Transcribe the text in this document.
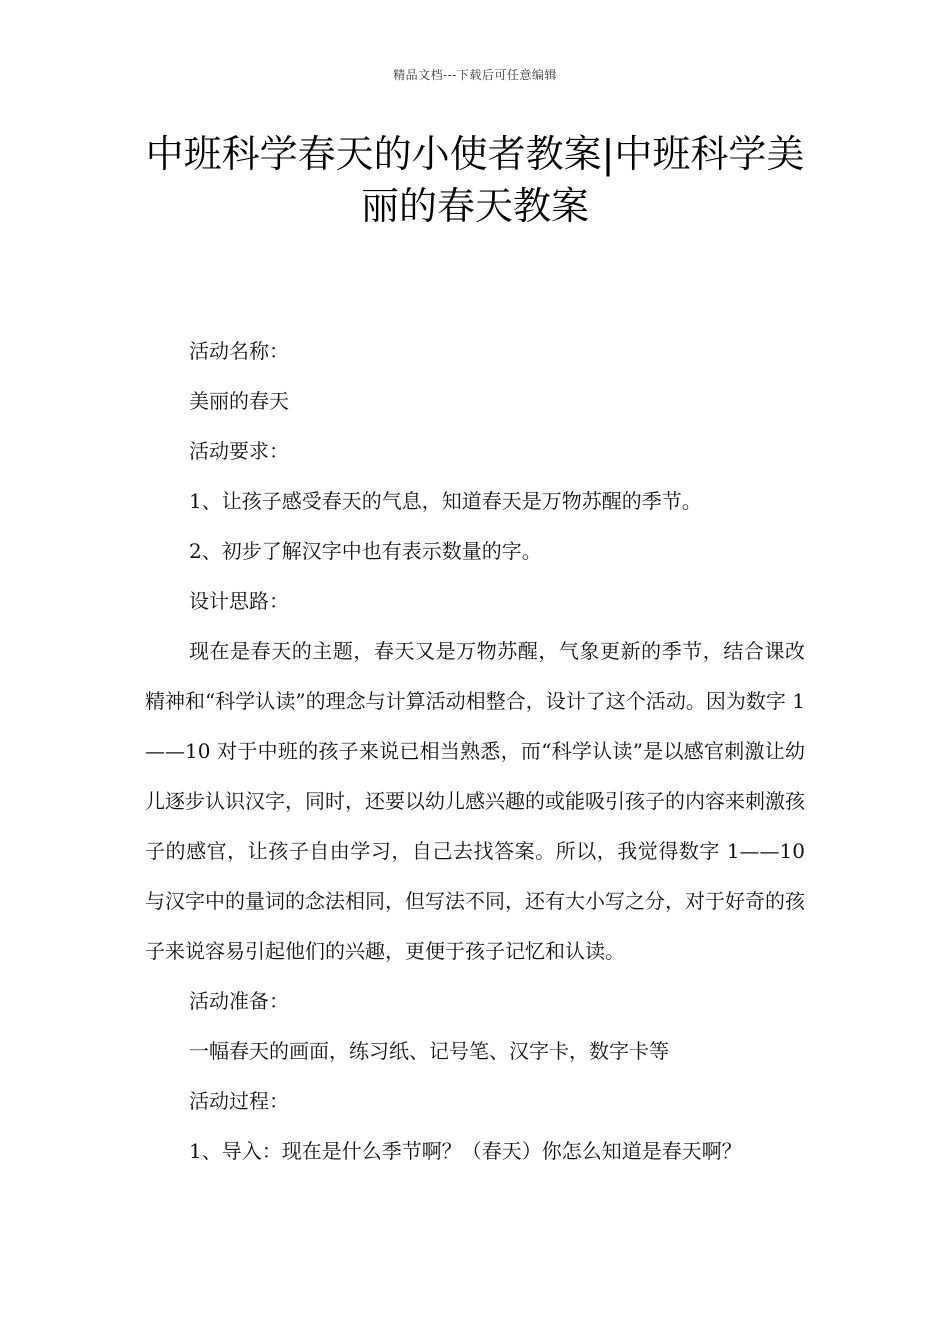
精品文档---下载后可任意编辑
中班科学春天的小使者教案|中班科学美丽的春天教案

活动名称：

美丽的春天

活动要求：

1、让孩子感受春天的气息，知道春天是万物苏醒的季节。

2、初步了解汉字中也有表示数量的字。

设计思路：

现在是春天的主题，春天又是万物苏醒，气象更新的季节，结合课改精神和“科学认读”的理念与计算活动相整合，设计了这个活动。因为数字 1——10 对于中班的孩子来说已相当熟悉，而“科学认读”是以感官刺激让幼儿逐步认识汉字，同时，还要以幼儿感兴趣的或能吸引孩子的内容来刺激孩子的感官，让孩子自由学习，自己去找答案。所以，我觉得数字 1——10 与汉字中的量词的念法相同，但写法不同，还有大小写之分，对于好奇的孩子来说容易引起他们的兴趣，更便于孩子记忆和认读。

活动准备：

一幅春天的画面，练习纸、记号笔、汉字卡，数字卡等

活动过程：

1、导入：现在是什么季节啊？（春天）你怎么知道是春天啊？
